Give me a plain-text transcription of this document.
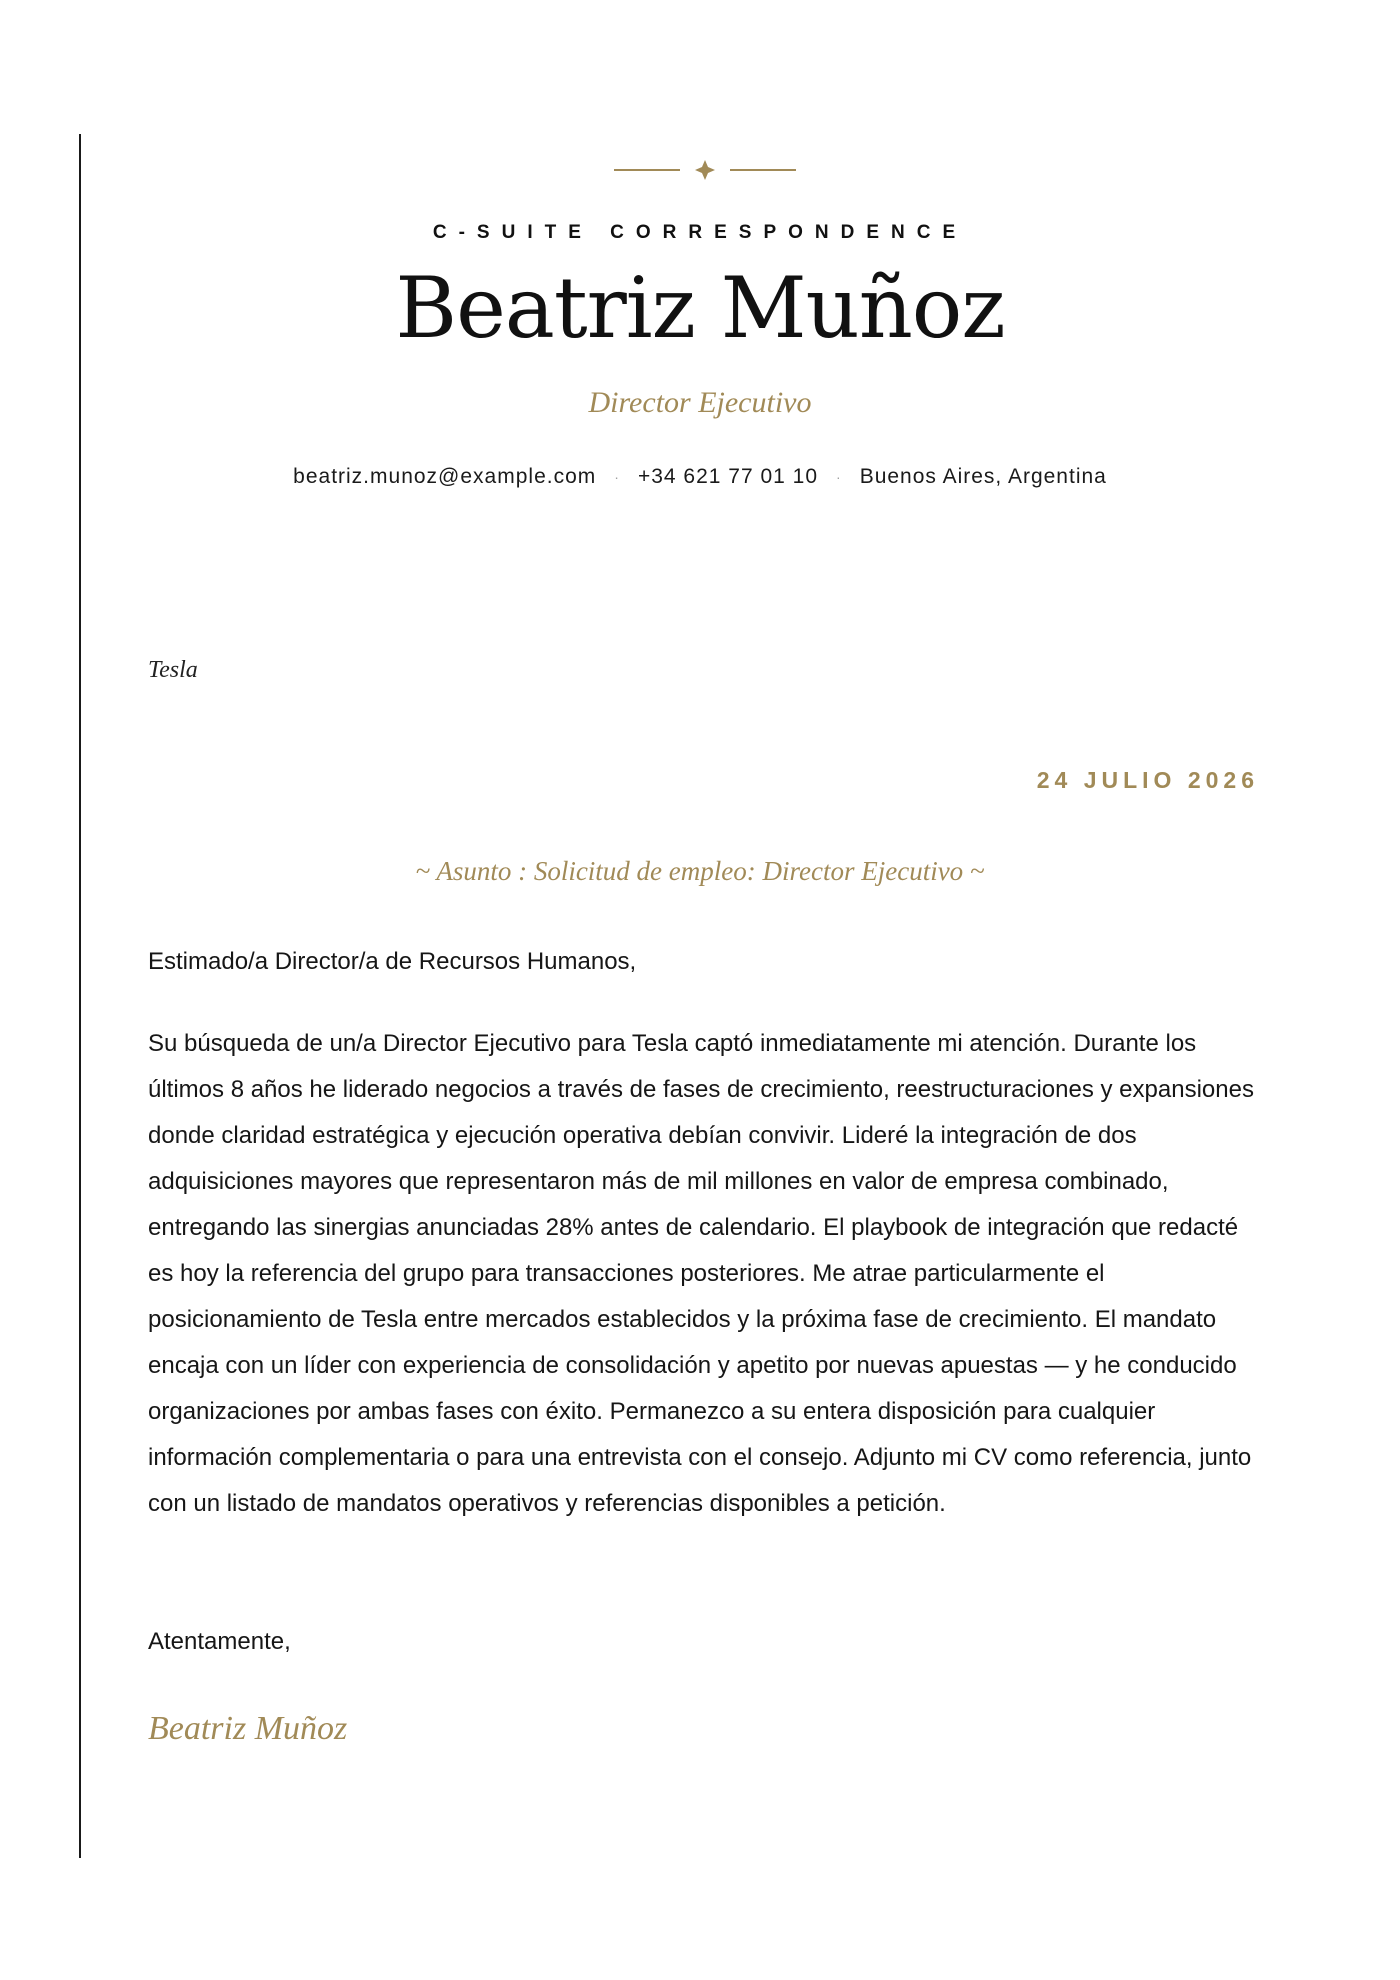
C-SUITE CORRESPONDENCE
Beatriz Muñoz
Director Ejecutivo
beatriz.munoz@example.com · +34 621 77 01 10 · Buenos Aires, Argentina
Tesla
24 JULIO 2026
~ Asunto : Solicitud de empleo: Director Ejecutivo ~
Estimado/a Director/a de Recursos Humanos,

Su búsqueda de un/a Director Ejecutivo para Tesla captó inmediatamente mi atención. Durante los últimos 8 años he liderado negocios a través de fases de crecimiento, reestructuraciones y expansiones donde claridad estratégica y ejecución operativa debían convivir. Lideré la integración de dos adquisiciones mayores que representaron más de mil millones en valor de empresa combinado, entregando las sinergias anunciadas 28% antes de calendario. El playbook de integración que redacté es hoy la referencia del grupo para transacciones posteriores. Me atrae particularmente el posicionamiento de Tesla entre mercados establecidos y la próxima fase de crecimiento. El mandato encaja con un líder con experiencia de consolidación y apetito por nuevas apuestas — y he conducido organizaciones por ambas fases con éxito. Permanezco a su entera disposición para cualquier información complementaria o para una entrevista con el consejo. Adjunto mi CV como referencia, junto con un listado de mandatos operativos y referencias disponibles a petición.

Atentamente,
Beatriz Muñoz
